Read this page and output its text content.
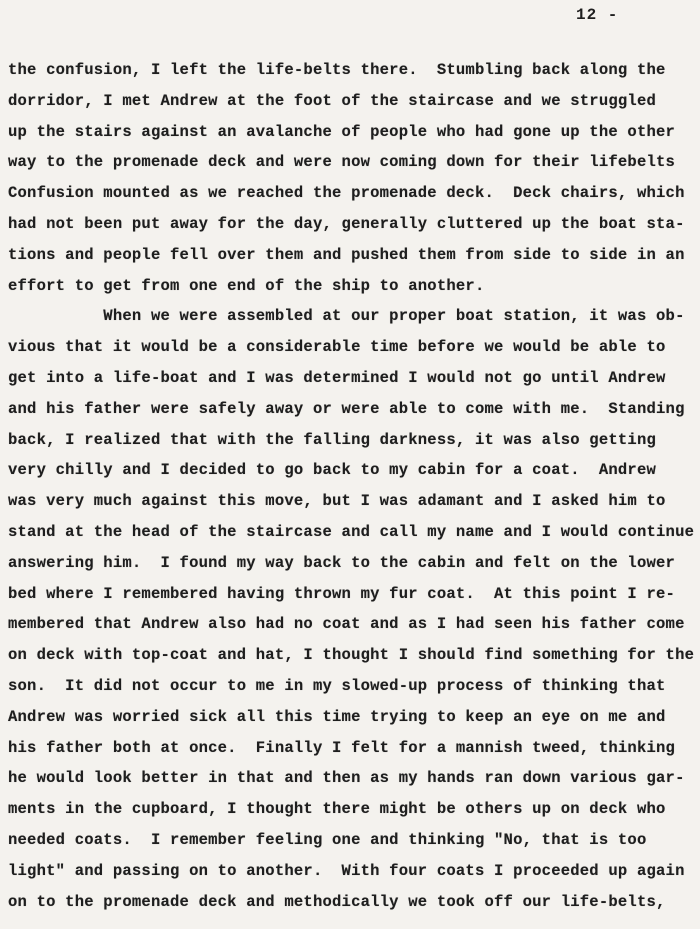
12 -
the confusion, I left the life-belts there.  Stumbling back along the
dorridor, I met Andrew at the foot of the staircase and we struggled
up the stairs against an avalanche of people who had gone up the other
way to the promenade deck and were now coming down for their lifebelts
Confusion mounted as we reached the promenade deck.  Deck chairs, which
had not been put away for the day, generally cluttered up the boat sta-
tions and people fell over them and pushed them from side to side in an
effort to get from one end of the ship to another.
When we were assembled at our proper boat station, it was ob-
vious that it would be a considerable time before we would be able to
get into a life-boat and I was determined I would not go until Andrew
and his father were safely away or were able to come with me.  Standing
back, I realized that with the falling darkness, it was also getting
very chilly and I decided to go back to my cabin for a coat.  Andrew
was very much against this move, but I was adamant and I asked him to
stand at the head of the staircase and call my name and I would continue
answering him.  I found my way back to the cabin and felt on the lower
bed where I remembered having thrown my fur coat.  At this point I re-
membered that Andrew also had no coat and as I had seen his father come
on deck with top-coat and hat, I thought I should find something for the
son.  It did not occur to me in my slowed-up process of thinking that
Andrew was worried sick all this time trying to keep an eye on me and
his father both at once.  Finally I felt for a mannish tweed, thinking
he would look better in that and then as my hands ran down various gar-
ments in the cupboard, I thought there might be others up on deck who
needed coats.  I remember feeling one and thinking "No, that is too
light" and passing on to another.  With four coats I proceeded up again
on to the promenade deck and methodically we took off our life-belts,
